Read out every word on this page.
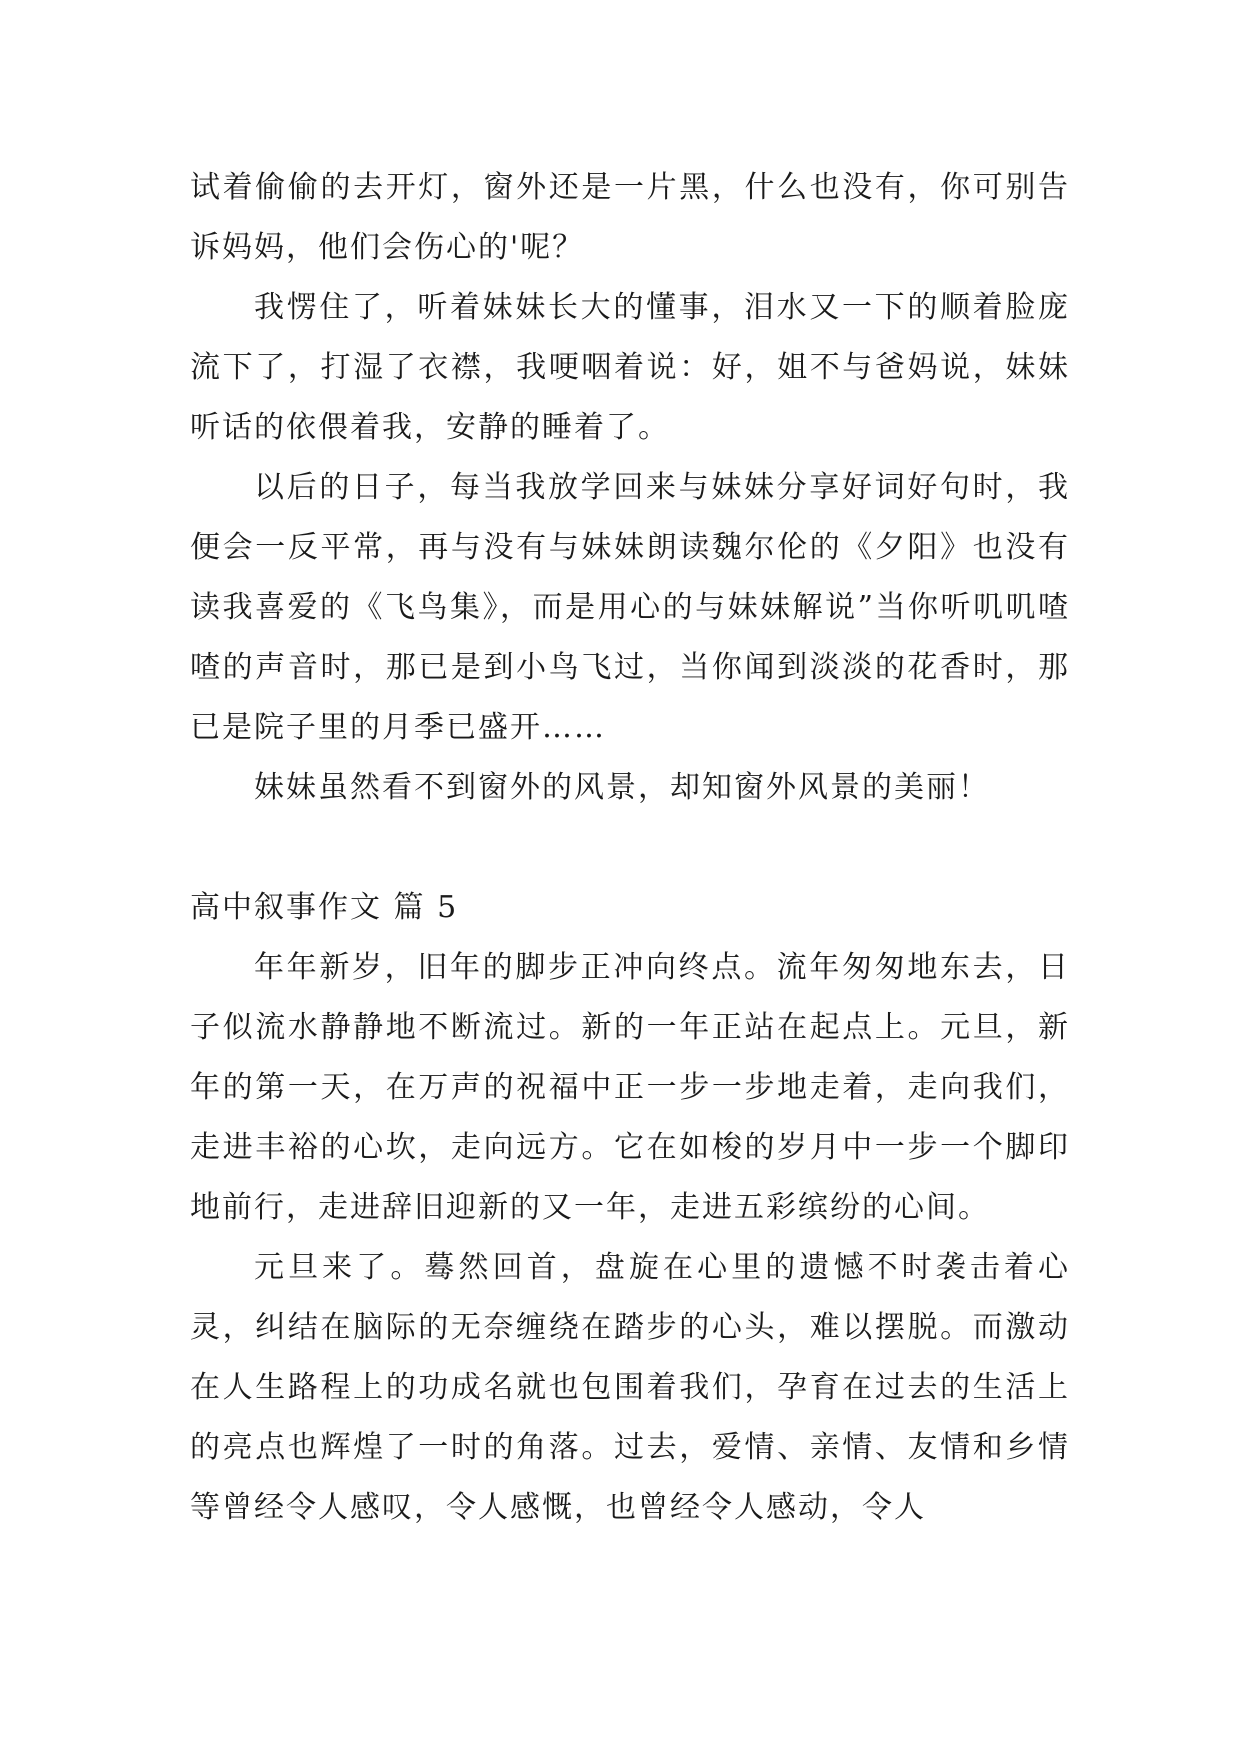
试着偷偷的去开灯，窗外还是一片黑，什么也没有，你可别告诉妈妈，他们会伤心的'呢？

我愣住了，听着妹妹长大的懂事，泪水又一下的顺着脸庞流下了，打湿了衣襟，我哽咽着说：好，姐不与爸妈说，妹妹听话的依偎着我，安静的睡着了。

以后的日子，每当我放学回来与妹妹分享好词好句时，我便会一反平常，再与没有与妹妹朗读魏尔伦的《夕阳》也没有读我喜爱的《飞鸟集》，而是用心的与妹妹解说”当你听叽叽喳喳的声音时，那已是到小鸟飞过，当你闻到淡淡的花香时，那已是院子里的月季已盛开……

妹妹虽然看不到窗外的风景，却知窗外风景的美丽！

高中叙事作文 篇 5

年年新岁，旧年的脚步正冲向终点。流年匆匆地东去，日子似流水静静地不断流过。新的一年正站在起点上。元旦，新年的第一天，在万声的祝福中正一步一步地走着，走向我们，走进丰裕的心坎，走向远方。它在如梭的岁月中一步一个脚印地前行，走进辞旧迎新的又一年，走进五彩缤纷的心间。

元旦来了。蓦然回首，盘旋在心里的遗憾不时袭击着心灵，纠结在脑际的无奈缠绕在踏步的心头，难以摆脱。而激动在人生路程上的功成名就也包围着我们，孕育在过去的生活上的亮点也辉煌了一时的角落。过去，爱情、亲情、友情和乡情等曾经令人感叹，令人感慨，也曾经令人感动，令人
